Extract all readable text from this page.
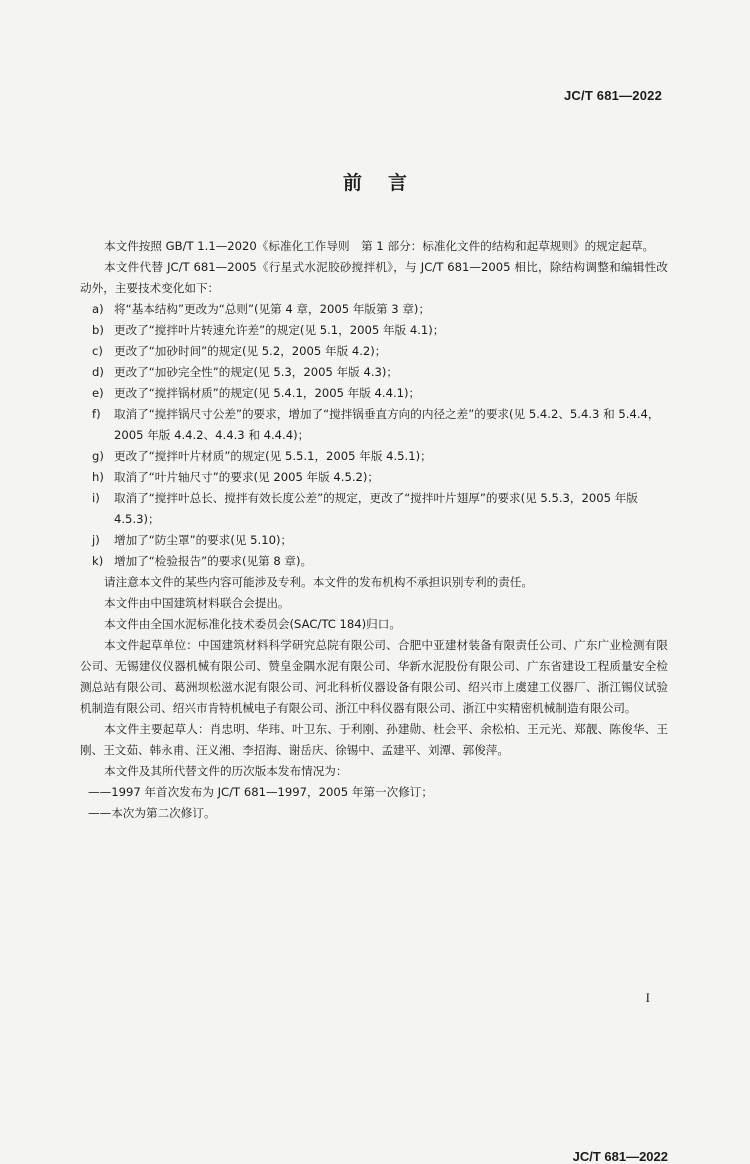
JC/T 681—2022
前言

本文件按照 GB/T 1.1—2020《标准化工作导则　第 1 部分：标准化文件的结构和起草规则》的规定起草。

本文件代替 JC/T 681—2005《行星式水泥胶砂搅拌机》，与 JC/T 681—2005 相比，除结构调整和编辑性改动外，主要技术变化如下：

a) 将“基本结构”更改为“总则”(见第 4 章，2005 年版第 3 章)；

b) 更改了“搅拌叶片转速允许差”的规定(见 5.1，2005 年版 4.1)；

c) 更改了“加砂时间”的规定(见 5.2，2005 年版 4.2)；

d) 更改了“加砂完全性”的规定(见 5.3，2005 年版 4.3)；

e) 更改了“搅拌锅材质”的规定(见 5.4.1，2005 年版 4.4.1)；

f) 取消了“搅拌锅尺寸公差”的要求，增加了“搅拌锅垂直方向的内径之差”的要求(见 5.4.2、5.4.3 和 5.4.4，2005 年版 4.4.2、4.4.3 和 4.4.4)；

g) 更改了“搅拌叶片材质”的规定(见 5.5.1，2005 年版 4.5.1)；

h) 取消了“叶片轴尺寸”的要求(见 2005 年版 4.5.2)；

i) 取消了“搅拌叶总长、搅拌有效长度公差”的规定，更改了“搅拌叶片翅厚”的要求(见 5.5.3，2005 年版 4.5.3)；

j) 增加了“防尘罩”的要求(见 5.10)；

k) 增加了“检验报告”的要求(见第 8 章)。

请注意本文件的某些内容可能涉及专利。本文件的发布机构不承担识别专利的责任。

本文件由中国建筑材料联合会提出。

本文件由全国水泥标准化技术委员会(SAC/TC 184)归口。

本文件起草单位：中国建筑材料科学研究总院有限公司、合肥中亚建材装备有限责任公司、广东广业检测有限公司、无锡建仪仪器机械有限公司、赞皇金隅水泥有限公司、华新水泥股份有限公司、广东省建设工程质量安全检测总站有限公司、葛洲坝松滋水泥有限公司、河北科析仪器设备有限公司、绍兴市上虞建工仪器厂、浙江锡仪试验机制造有限公司、绍兴市肯特机械电子有限公司、浙江中科仪器有限公司、浙江中实精密机械制造有限公司。

本文件主要起草人：肖忠明、华玮、叶卫东、于利刚、孙建勋、杜会平、余松柏、王元光、郑靓、陈俊华、王刚、王文茹、韩永甫、汪义湘、李招海、谢岳庆、徐锡中、孟建平、刘潭、郭俊萍。

本文件及其所代替文件的历次版本发布情况为：

——1997 年首次发布为 JC/T 681—1997，2005 年第一次修订；

——本次为第二次修订。

I
JC/T 681—2022
